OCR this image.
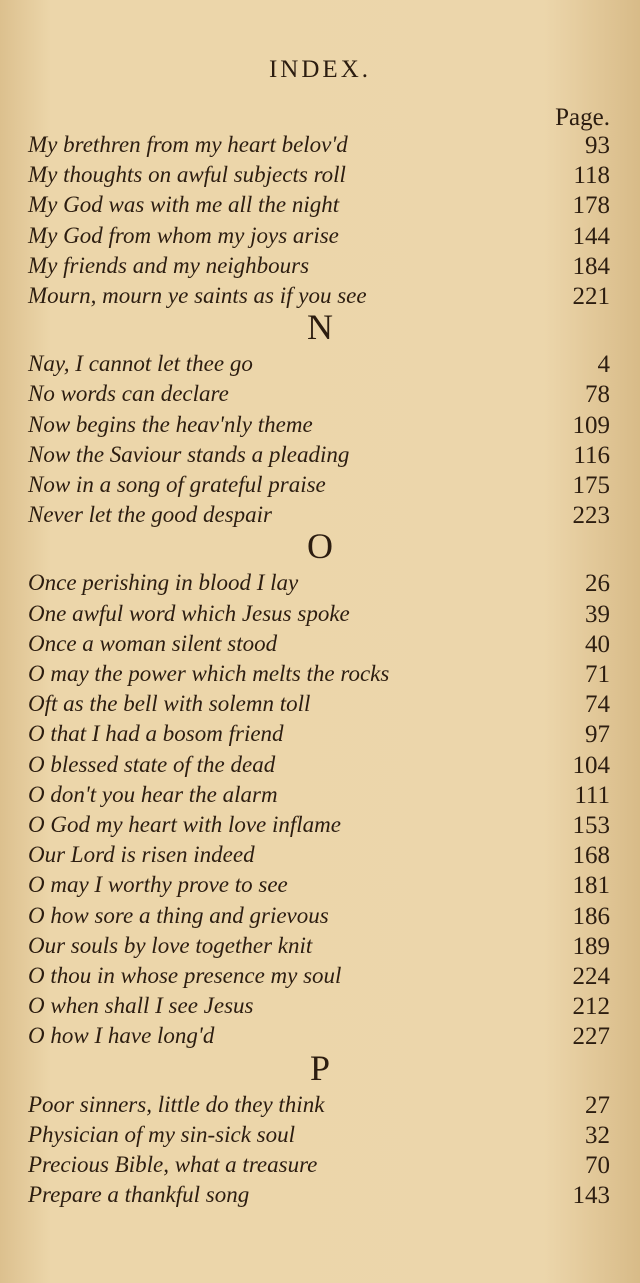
INDEX.
Page.
My brethren from my heart belov'd	93
My thoughts on awful subjects roll	118
My God was with me all the night	178
My God from whom my joys arise	144
My friends and my neighbours	184
Mourn, mourn ye saints as if you see	221
N
Nay, I cannot let thee go	4
No words can declare	78
Now begins the heav'nly theme	109
Now the Saviour stands a pleading	116
Now in a song of grateful praise	175
Never let the good despair	223
O
Once perishing in blood I lay	26
One awful word which Jesus spoke	39
Once a woman silent stood	40
O may the power which melts the rocks	71
Oft as the bell with solemn toll	74
O that I had a bosom friend	97
O blessed state of the dead	104
O don't you hear the alarm	111
O God my heart with love inflame	153
Our Lord is risen indeed	168
O may I worthy prove to see	181
O how sore a thing and grievous	186
Our souls by love together knit	189
O thou in whose presence my soul	224
O when shall I see Jesus	212
O how I have long'd	227
P
Poor sinners, little do they think	27
Physician of my sin-sick soul	32
Precious Bible, what a treasure	70
Prepare a thankful song	143
